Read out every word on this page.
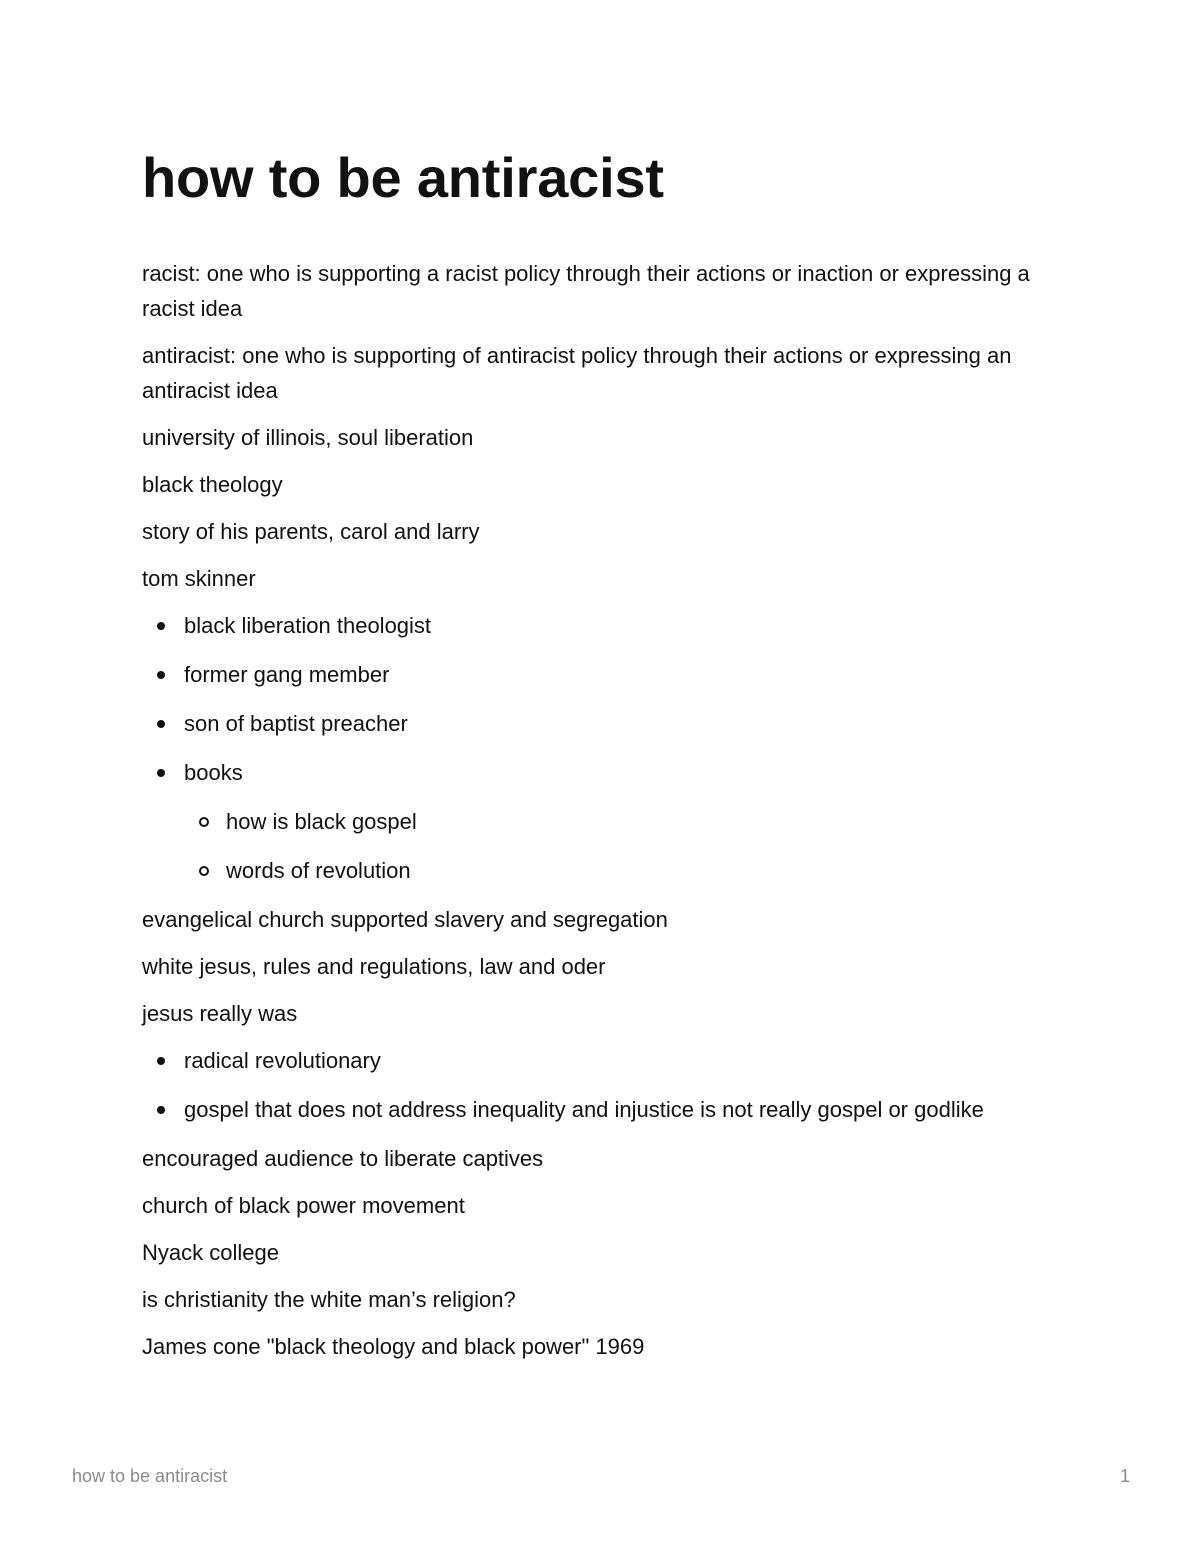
how to be antiracist

racist: one who is supporting a racist policy through their actions or inaction or expressing a racist idea

antiracist: one who is supporting of antiracist policy through their actions or expressing an antiracist idea

university of illinois, soul liberation

black theology

story of his parents, carol and larry

tom skinner

black liberation theologist
former gang member
son of baptist preacher
books
how is black gospel
words of revolution

evangelical church supported slavery and segregation

white jesus, rules and regulations, law and oder

jesus really was

radical revolutionary
gospel that does not address inequality and injustice is not really gospel or godlike

encouraged audience to liberate captives

church of black power movement

Nyack college

is christianity the white man’s religion?

James cone "black theology and black power" 1969

how to be antiracist	1
